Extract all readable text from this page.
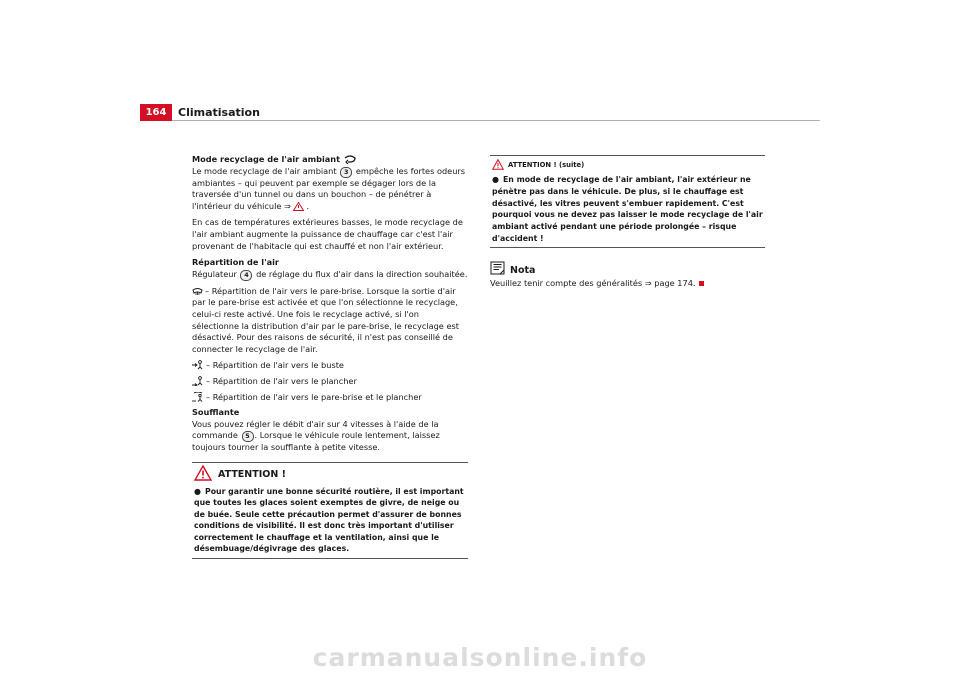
164	Climatisation

Mode recyclage de l'air ambiant

Le mode recyclage de l'air ambiant 3 empêche les fortes odeurs ambiantes – qui peuvent par exemple se dégager lors de la traversée d'un tunnel ou dans un bouchon – de pénétrer à l'intérieur du véhicule ⇒ .

En cas de températures extérieures basses, le mode recyclage de l'air ambiant augmente la puissance de chauffage car c'est l'air provenant de l'habitacle qui est chauffé et non l'air extérieur.

Répartition de l'air

Régulateur 4 de réglage du flux d'air dans la direction souhaitée.

– Répartition de l'air vers le pare-brise. Lorsque la sortie d'air par le pare-brise est activée et que l'on sélectionne le recyclage, celui-ci reste activé. Une fois le recyclage activé, si l'on sélectionne la distribution d'air par le pare-brise, le recyclage est désactivé. Pour des raisons de sécurité, il n'est pas conseillé de connecter le recyclage de l'air.

– Répartition de l'air vers le buste

– Répartition de l'air vers le plancher

– Répartition de l'air vers le pare-brise et le plancher

Soufflante

Vous pouvez régler le débit d'air sur 4 vitesses à l'aide de la commande 5 . Lorsque le véhicule roule lentement, laissez toujours tourner la soufflante à petite vitesse.

ATTENTION !
● Pour garantir une bonne sécurité routière, il est important que toutes les glaces soient exemptes de givre, de neige ou de buée. Seule cette précaution permet d'assurer de bonnes conditions de visibilité. Il est donc très important d'utiliser correctement le chauffage et la ventilation, ainsi que le désembuage/dégivrage des glaces.
ATTENTION ! (suite)
● En mode de recyclage de l'air ambiant, l'air extérieur ne pénètre pas dans le véhicule. De plus, si le chauffage est désactivé, les vitres peuvent s'embuer rapidement. C'est pourquoi vous ne devez pas laisser le mode recyclage de l'air ambiant activé pendant une période prolongée – risque d'accident !
Nota
Veuillez tenir compte des généralités ⇒ page 174.
carmanualsonline.info
